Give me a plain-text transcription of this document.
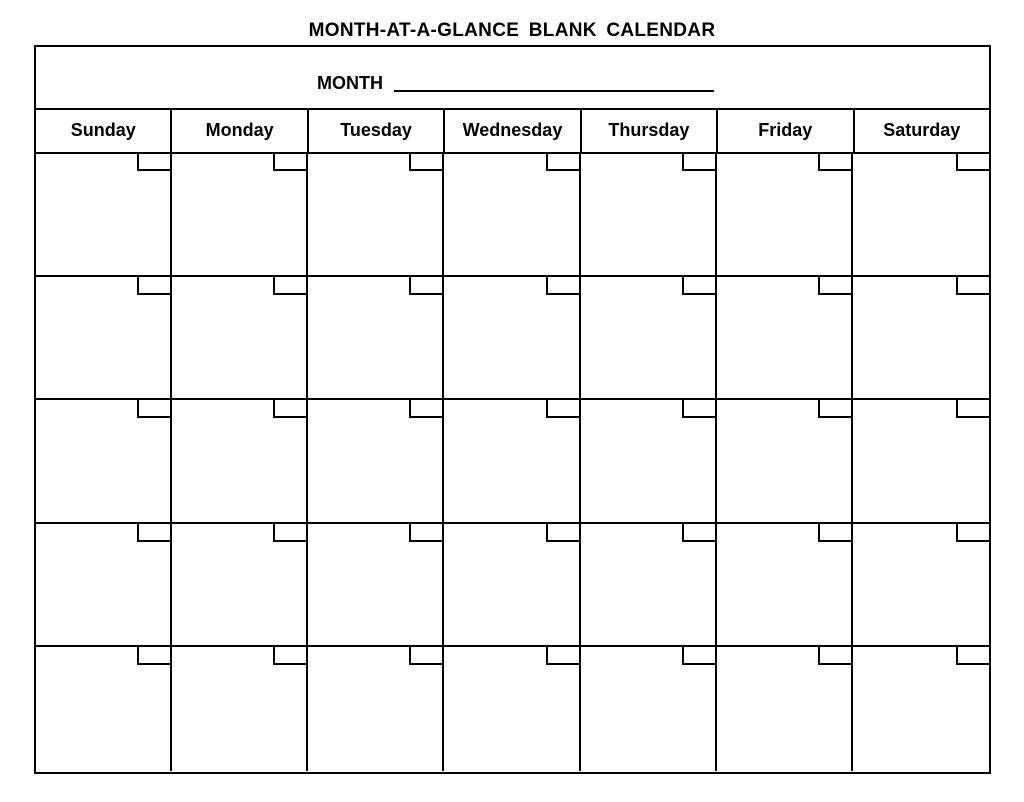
MONTH-AT-A-GLANCE BLANK CALENDAR
MONTH
Sunday	Monday	Tuesday	Wednesday	Thursday	Friday	Saturday
